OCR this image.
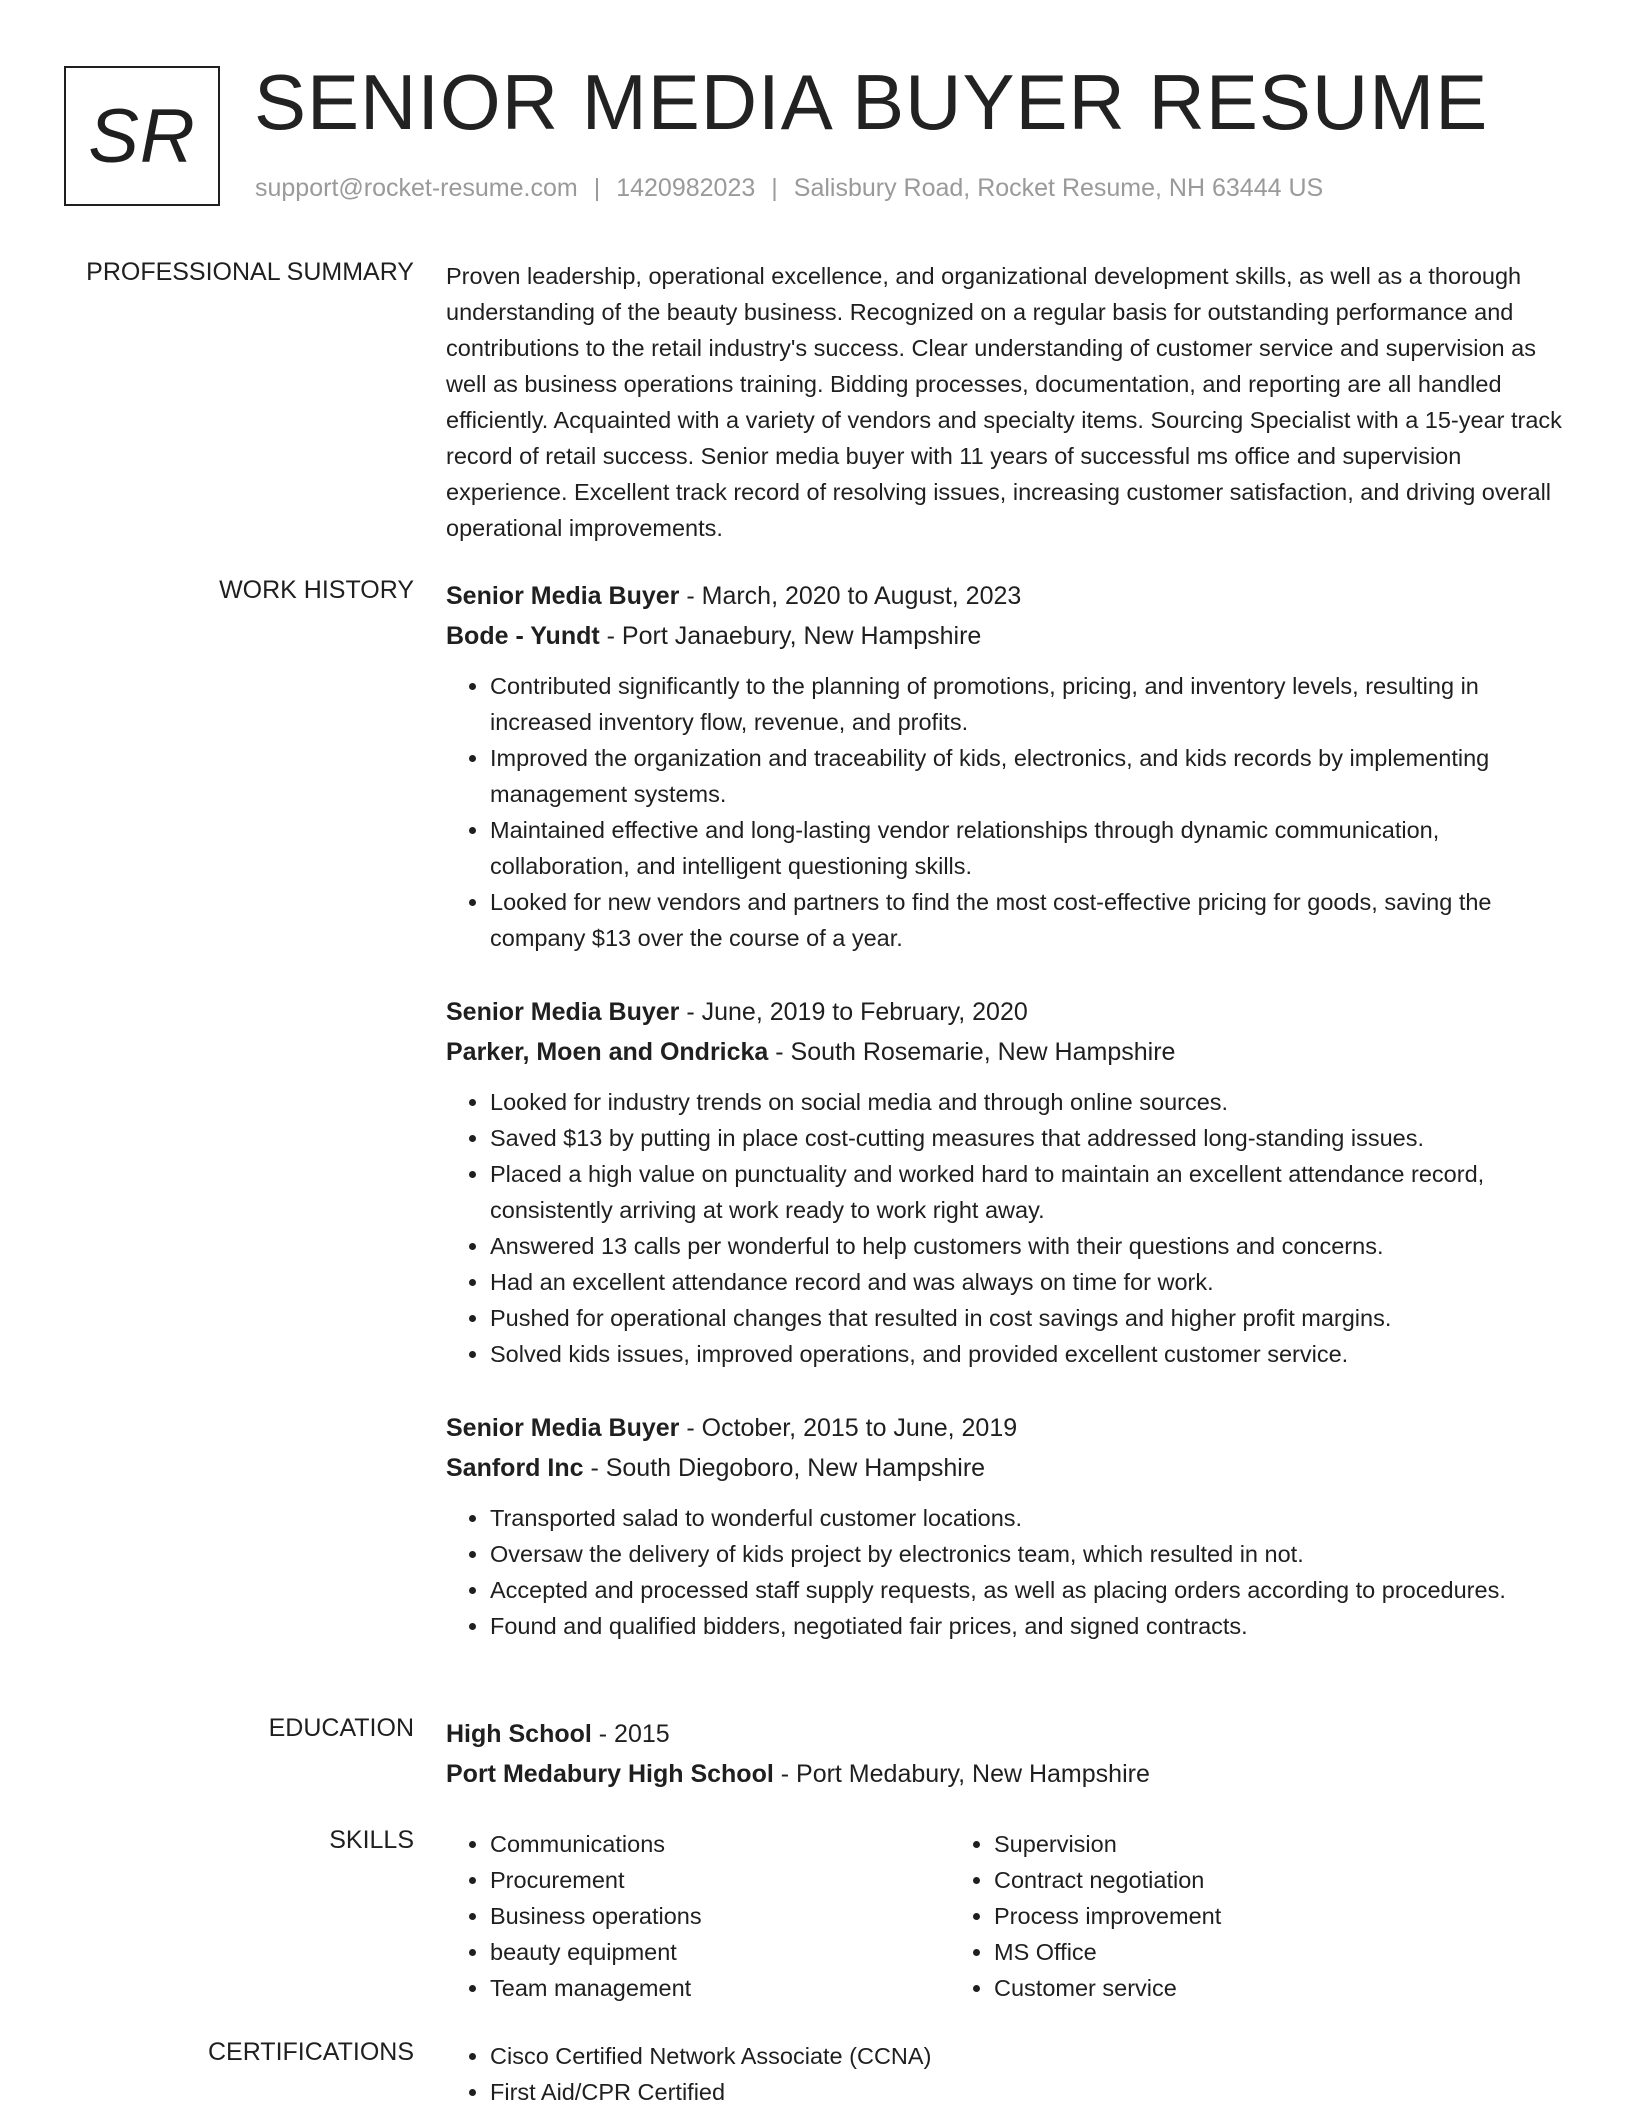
SR SENIOR MEDIA BUYER RESUME
support@rocket-resume.com | 1420982023 | Salisbury Road, Rocket Resume, NH 63444 US
PROFESSIONAL SUMMARY Proven leadership, operational excellence, and organizational development skills, as well as a thorough understanding of the beauty business. Recognized on a regular basis for outstanding performance and contributions to the retail industry's success. Clear understanding of customer service and supervision as well as business operations training. Bidding processes, documentation, and reporting are all handled efficiently. Acquainted with a variety of vendors and specialty items. Sourcing Specialist with a 15-year track record of retail success. Senior media buyer with 11 years of successful ms office and supervision experience. Excellent track record of resolving issues, increasing customer satisfaction, and driving overall operational improvements.

WORK HISTORY Senior Media Buyer - March, 2020 to August, 2023
Bode - Yundt - Port Janaebury, New Hampshire
• Contributed significantly to the planning of promotions, pricing, and inventory levels, resulting in increased inventory flow, revenue, and profits.
• Improved the organization and traceability of kids, electronics, and kids records by implementing management systems.
• Maintained effective and long-lasting vendor relationships through dynamic communication, collaboration, and intelligent questioning skills.
• Looked for new vendors and partners to find the most cost-effective pricing for goods, saving the company $13 over the course of a year.
Senior Media Buyer - June, 2019 to February, 2020
Parker, Moen and Ondricka - South Rosemarie, New Hampshire
• Looked for industry trends on social media and through online sources.
• Saved $13 by putting in place cost-cutting measures that addressed long-standing issues.
• Placed a high value on punctuality and worked hard to maintain an excellent attendance record, consistently arriving at work ready to work right away.
• Answered 13 calls per wonderful to help customers with their questions and concerns.
• Had an excellent attendance record and was always on time for work.
• Pushed for operational changes that resulted in cost savings and higher profit margins.
• Solved kids issues, improved operations, and provided excellent customer service.
Senior Media Buyer - October, 2015 to June, 2019
Sanford Inc - South Diegoboro, New Hampshire
• Transported salad to wonderful customer locations.
• Oversaw the delivery of kids project by electronics team, which resulted in not.
• Accepted and processed staff supply requests, as well as placing orders according to procedures.
• Found and qualified bidders, negotiated fair prices, and signed contracts.
EDUCATION High School - 2015
Port Medabury High School - Port Medabury, New Hampshire
SKILLS	• Communications
• Procurement
• Business operations
• beauty equipment
• Team management
• Supervision
• Contract negotiation
• Process improvement
• MS Office
• Customer service
CERTIFICATIONS	• Cisco Certified Network Associate (CCNA)
• First Aid/CPR Certified
